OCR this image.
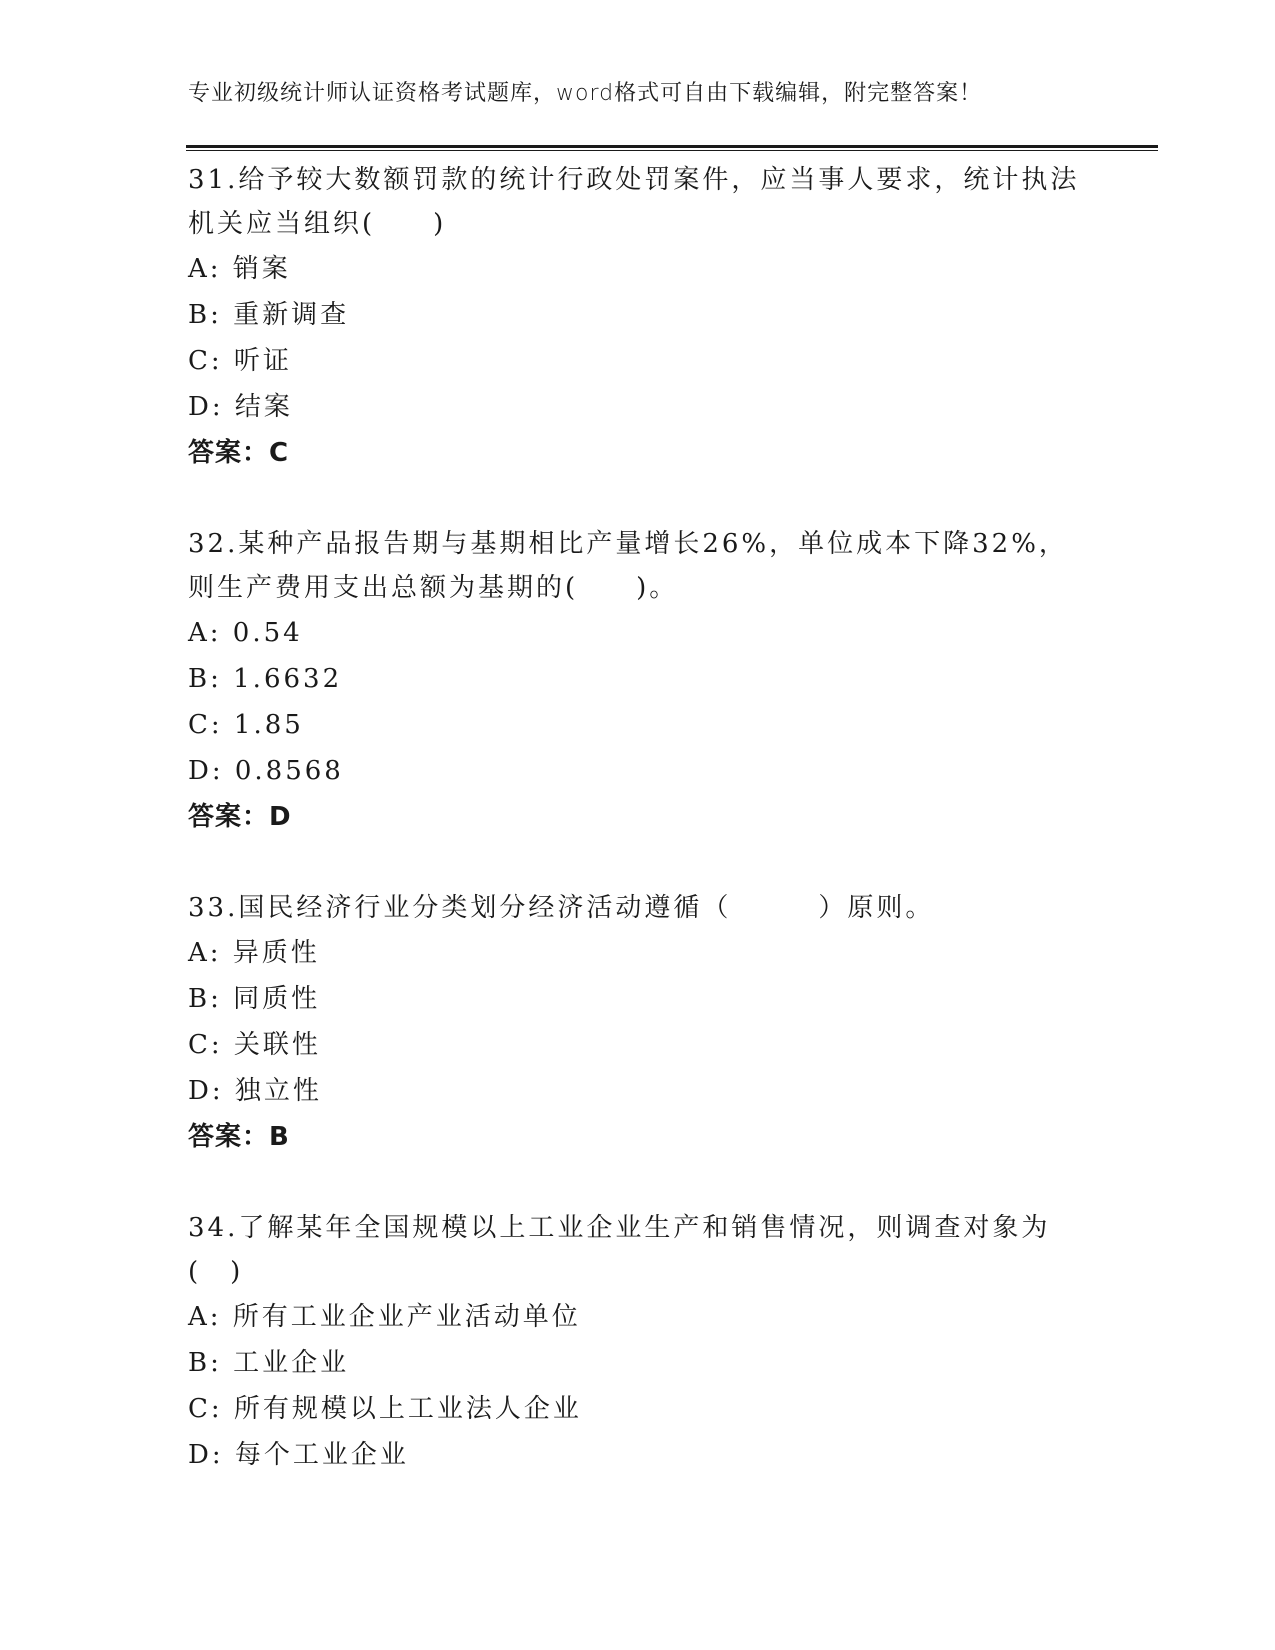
专业初级统计师认证资格考试题库，word格式可自由下载编辑，附完整答案！
31.给予较大数额罚款的统计行政处罚案件，应当事人要求，统计执法机关应当组织(　　)
A: 销案
B: 重新调查
C: 听证
D: 结案
答案：C
32.某种产品报告期与基期相比产量增长26%，单位成本下降32%，则生产费用支出总额为基期的(　　)。
A: 0.54
B: 1.6632
C: 1.85
D: 0.8568
答案：D
33.国民经济行业分类划分经济活动遵循（　　　）原则。
A: 异质性
B: 同质性
C: 关联性
D: 独立性
答案：B
34.了解某年全国规模以上工业企业生产和销售情况，则调查对象为(　)
A: 所有工业企业产业活动单位
B: 工业企业
C: 所有规模以上工业法人企业
D: 每个工业企业
